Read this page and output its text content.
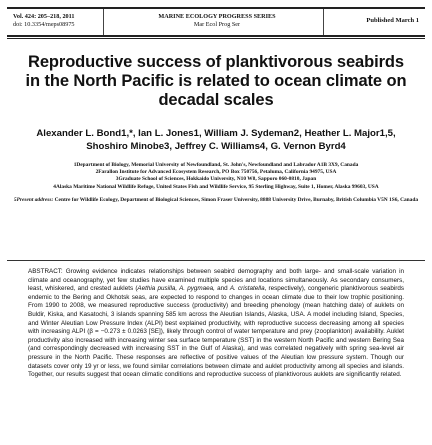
Vol. 424: 205–218, 2011
doi: 10.3354/meps08975
MARINE ECOLOGY PROGRESS SERIES
Mar Ecol Prog Ser
Published March 1
Reproductive success of planktivorous seabirds in the North Pacific is related to ocean climate on decadal scales
Alexander L. Bond1,*, Ian L. Jones1, William J. Sydeman2, Heather L. Major1,5,
Shoshiro Minobe3, Jeffrey C. Williams4, G. Vernon Byrd4
1Department of Biology, Memorial University of Newfoundland, St. John's, Newfoundland and Labrador A1B 3X9, Canada
2Farallon Institute for Advanced Ecosystem Research, PO Box 750756, Petaluma, California 94975, USA
3Graduate School of Sciences, Hokkaido University, N10 W8, Sapporo 060-0810, Japan
4Alaska Maritime National Wildlife Refuge, United States Fish and Wildlife Service, 95 Sterling Highway, Suite 1, Homer, Alaska 99603, USA
5Present address: Centre for Wildlife Ecology, Department of Biological Sciences, Simon Fraser University, 8888 University Drive, Burnaby, British Columbia V5N 1S6, Canada
ABSTRACT: Growing evidence indicates relationships between seabird demography and both large- and small-scale variation in climate and oceanography, yet few studies have examined multiple species and locations simultaneously. As secondary consumers, least, whiskered, and crested auklets (Aethia pusilla, A. pygmaea, and A. cristatella, respectively), congeneric planktivorous seabirds endemic to the Bering and Okhotsk seas, are expected to respond to changes in ocean climate due to their low trophic positioning. From 1990 to 2008, we measured reproductive success (productivity) and breeding phenology (mean hatching date) of auklets on Buldir, Kiska, and Kasatochi, 3 islands spanning 585 km across the Aleutian Islands, Alaska, USA. A model including Island, Species, and Winter Aleutian Low Pressure Index (ALPI) best explained productivity, with reproductive success decreasing among all species with increasing ALPI (β = −0.273 ± 0.0263 [SE]), likely through control of water temperature and prey (zooplankton) availability. Auklet productivity also increased with increasing winter sea surface temperature (SST) in the western North Pacific and western Bering Sea (and correspondingly decreased with increasing SST in the Gulf of Alaska), and was correlated negatively with spring sea-level air pressure in the North Pacific. These responses are reflective of positive values of the Aleutian low pressure system. Though our datasets cover only 19 yr or less, we found similar correlations between climate and auklet productivity among all species and islands. Together, our results suggest that ocean climatic conditions and reproductive success of planktivorous auklets are significantly related.
